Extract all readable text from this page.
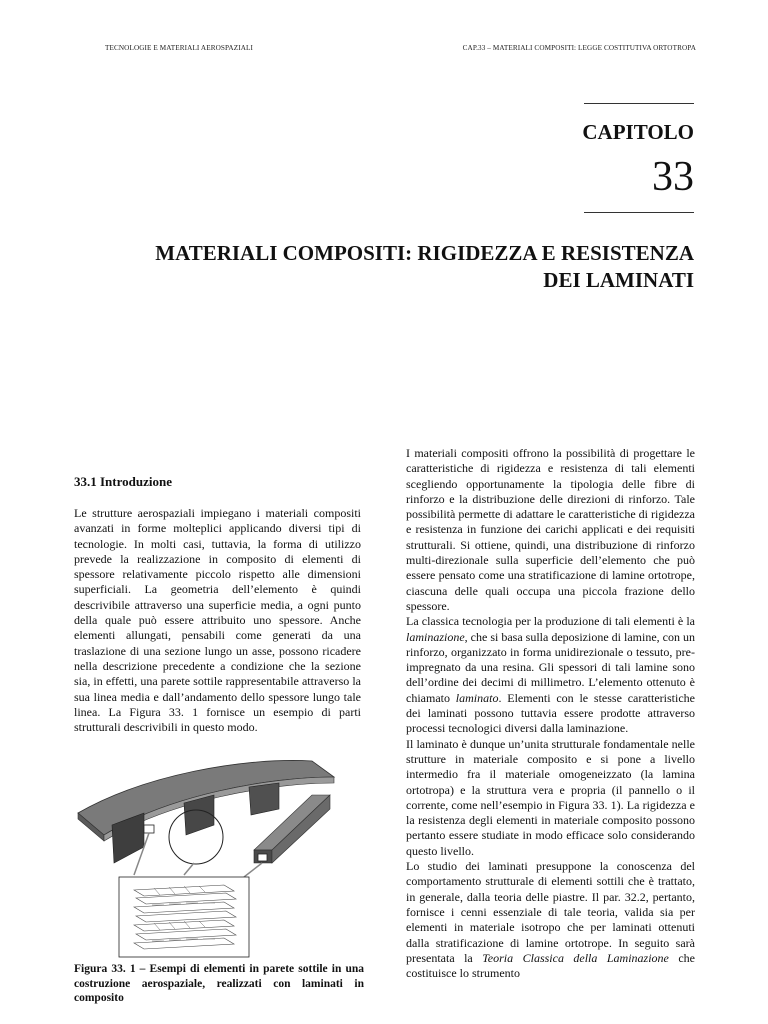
TECNOLOGIE E MATERIALI AEROSPAZIALI	CAP.33 – MATERIALI COMPOSITI: LEGGE COSTITUTIVA ORTOTROPA
CAPITOLO
33
MATERIALI COMPOSITI: RIGIDEZZA E RESISTENZA
DEI LAMINATI
33.1 Introduzione

Le strutture aerospaziali impiegano i materiali compositi avanzati in forme molteplici applicando diversi tipi di tecnologie. In molti casi, tuttavia, la forma di utilizzo prevede la realizzazione in composito di elementi di spessore relativamente piccolo rispetto alle dimensioni superficiali. La geometria dell’elemento è quindi descrivibile attraverso una superficie media, a ogni punto della quale può essere attribuito uno spessore. Anche elementi allungati, pensabili come generati da una traslazione di una sezione lungo un asse, possono ricadere nella descrizione precedente a condizione che la sezione sia, in effetti, una parete sottile rappresentabile attraverso la sua linea media e dall’andamento dello spessore lungo tale linea. La Figura 33. 1 fornisce un esempio di parti strutturali descrivibili in questo modo.

Figura 33. 1 – Esempi di elementi in parete sottile in una costruzione aerospaziale, realizzati con laminati in composito

I materiali compositi offrono la possibilità di progettare le caratteristiche di rigidezza e resistenza di tali elementi scegliendo opportunamente la tipologia delle fibre di rinforzo e la distribuzione delle direzioni di rinforzo. Tale possibilità permette di adattare le caratteristiche di rigidezza e resistenza in funzione dei carichi applicati e dei requisiti strutturali. Si ottiene, quindi, una distribuzione di rinforzo multi-direzionale sulla superficie dell’elemento che può essere pensato come una stratificazione di lamine ortotrope, ciascuna delle quali occupa una piccola frazione dello spessore.

La classica tecnologia per la produzione di tali elementi è la laminazione, che si basa sulla deposizione di lamine, con un rinforzo, organizzato in forma unidirezionale o tessuto, pre-impregnato da una resina. Gli spessori di tali lamine sono dell’ordine dei decimi di millimetro. L’elemento ottenuto è chiamato laminato. Elementi con le stesse caratteristiche dei laminati possono tuttavia essere prodotte attraverso processi tecnologici diversi dalla laminazione.

Il laminato è dunque un’unita strutturale fondamentale nelle strutture in materiale composito e si pone a livello intermedio fra il materiale omogeneizzato (la lamina ortotropa) e la struttura vera e propria (il pannello o il corrente, come nell’esempio in Figura 33. 1). La rigidezza e la resistenza degli elementi in materiale composito possono pertanto essere studiate in modo efficace solo considerando questo livello.

Lo studio dei laminati presuppone la conoscenza del comportamento strutturale di elementi sottili che è trattato, in generale, dalla teoria delle piastre. Il par. 32.2, pertanto, fornisce i cenni essenziale di tale teoria, valida sia per elementi in materiale isotropo che per laminati ottenuti dalla stratificazione di lamine ortotrope. In seguito sarà presentata la Teoria Classica della Laminazione che costituisce lo strumento
